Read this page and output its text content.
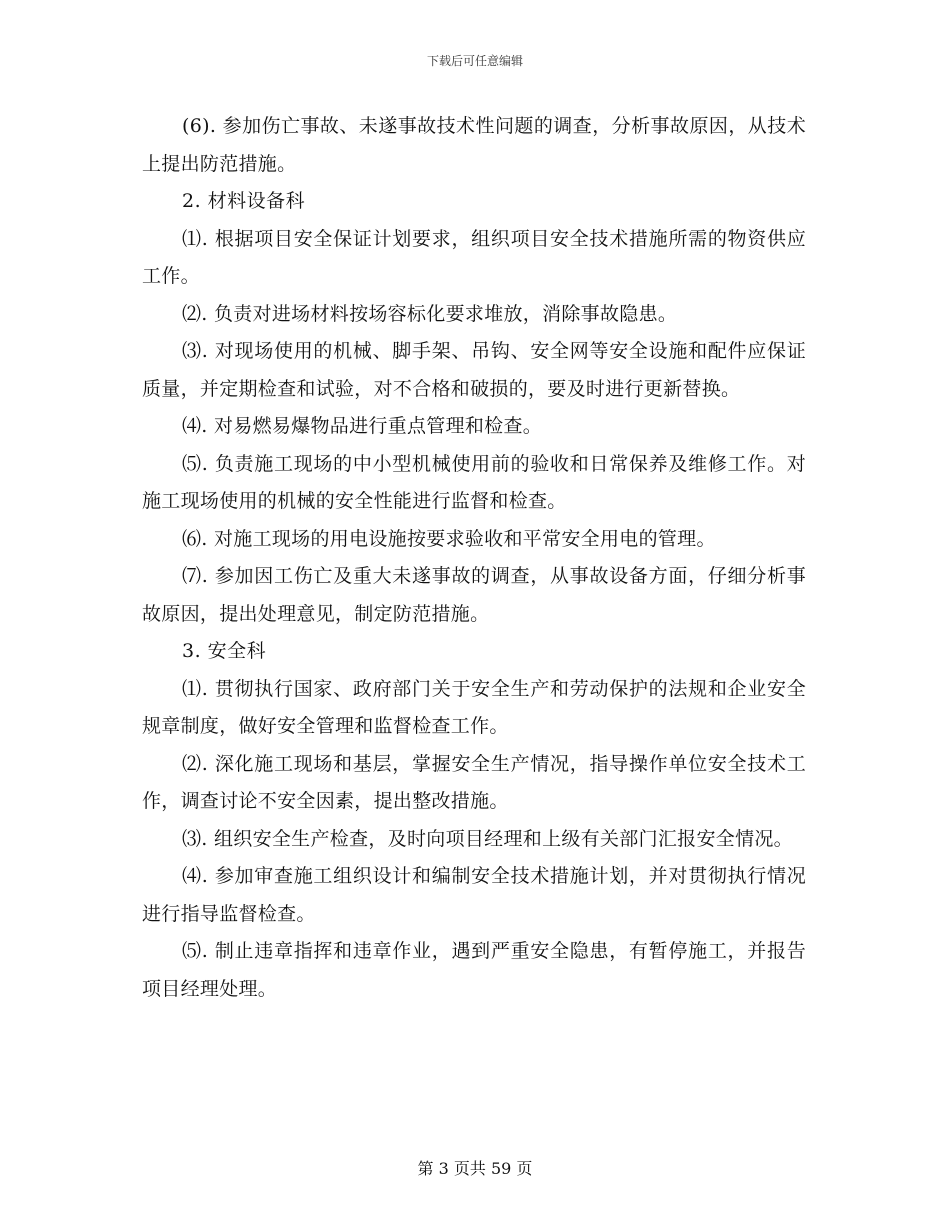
下载后可任意编辑

(6). 参加伤亡事故、未遂事故技术性问题的调查，分析事故原因，从技术上提出防范措施。

2. 材料设备科

⑴. 根据项目安全保证计划要求，组织项目安全技术措施所需的物资供应工作。

⑵. 负责对进场材料按场容标化要求堆放，消除事故隐患。

⑶. 对现场使用的机械、脚手架、吊钩、安全网等安全设施和配件应保证质量，并定期检查和试验，对不合格和破损的，要及时进行更新替换。

⑷. 对易燃易爆物品进行重点管理和检查。

⑸. 负责施工现场的中小型机械使用前的验收和日常保养及维修工作。对施工现场使用的机械的安全性能进行监督和检查。

⑹. 对施工现场的用电设施按要求验收和平常安全用电的管理。

⑺. 参加因工伤亡及重大未遂事故的调查，从事故设备方面，仔细分析事故原因，提出处理意见，制定防范措施。

3. 安全科

⑴. 贯彻执行国家、政府部门关于安全生产和劳动保护的法规和企业安全规章制度，做好安全管理和监督检查工作。

⑵. 深化施工现场和基层，掌握安全生产情况，指导操作单位安全技术工作，调查讨论不安全因素，提出整改措施。

⑶. 组织安全生产检查，及时向项目经理和上级有关部门汇报安全情况。

⑷. 参加审查施工组织设计和编制安全技术措施计划，并对贯彻执行情况进行指导监督检查。

⑸. 制止违章指挥和违章作业，遇到严重安全隐患，有暂停施工，并报告项目经理处理。

第 3 页共 59 页
